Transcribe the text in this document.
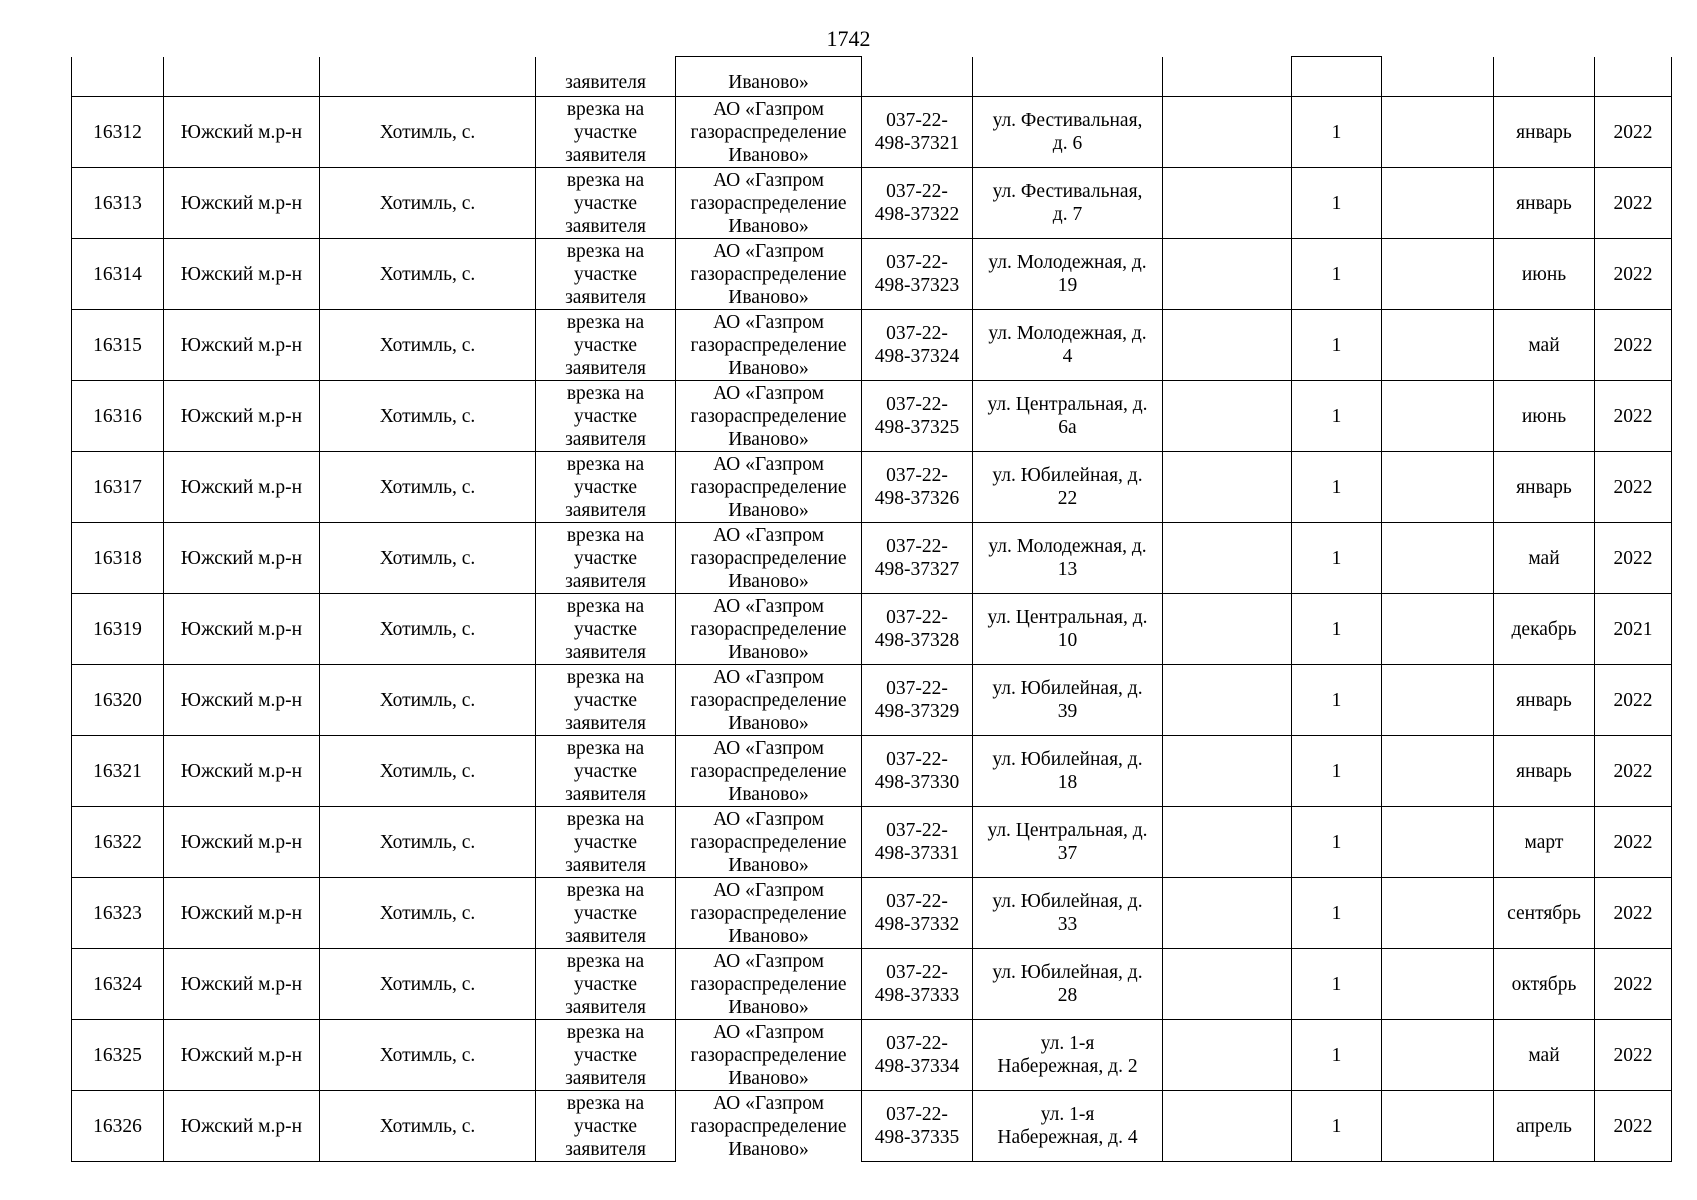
1742
			заявителя	Иваново»							
16312	Южский м.р-н	Хотимль, с.	врезка на
участке
заявителя	АО «Газпром
газораспределение
Иваново»	037-22-
498-37321	ул. Фестивальная,
д. 6		1		январь	2022
16313	Южский м.р-н	Хотимль, с.	врезка на
участке
заявителя	АО «Газпром
газораспределение
Иваново»	037-22-
498-37322	ул. Фестивальная,
д. 7		1		январь	2022
16314	Южский м.р-н	Хотимль, с.	врезка на
участке
заявителя	АО «Газпром
газораспределение
Иваново»	037-22-
498-37323	ул. Молодежная, д.
19		1		июнь	2022
16315	Южский м.р-н	Хотимль, с.	врезка на
участке
заявителя	АО «Газпром
газораспределение
Иваново»	037-22-
498-37324	ул. Молодежная, д.
4		1		май	2022
16316	Южский м.р-н	Хотимль, с.	врезка на
участке
заявителя	АО «Газпром
газораспределение
Иваново»	037-22-
498-37325	ул. Центральная, д.
6а		1		июнь	2022
16317	Южский м.р-н	Хотимль, с.	врезка на
участке
заявителя	АО «Газпром
газораспределение
Иваново»	037-22-
498-37326	ул. Юбилейная, д.
22		1		январь	2022
16318	Южский м.р-н	Хотимль, с.	врезка на
участке
заявителя	АО «Газпром
газораспределение
Иваново»	037-22-
498-37327	ул. Молодежная, д.
13		1		май	2022
16319	Южский м.р-н	Хотимль, с.	врезка на
участке
заявителя	АО «Газпром
газораспределение
Иваново»	037-22-
498-37328	ул. Центральная, д.
10		1		декабрь	2021
16320	Южский м.р-н	Хотимль, с.	врезка на
участке
заявителя	АО «Газпром
газораспределение
Иваново»	037-22-
498-37329	ул. Юбилейная, д.
39		1		январь	2022
16321	Южский м.р-н	Хотимль, с.	врезка на
участке
заявителя	АО «Газпром
газораспределение
Иваново»	037-22-
498-37330	ул. Юбилейная, д.
18		1		январь	2022
16322	Южский м.р-н	Хотимль, с.	врезка на
участке
заявителя	АО «Газпром
газораспределение
Иваново»	037-22-
498-37331	ул. Центральная, д.
37		1		март	2022
16323	Южский м.р-н	Хотимль, с.	врезка на
участке
заявителя	АО «Газпром
газораспределение
Иваново»	037-22-
498-37332	ул. Юбилейная, д.
33		1		сентябрь	2022
16324	Южский м.р-н	Хотимль, с.	врезка на
участке
заявителя	АО «Газпром
газораспределение
Иваново»	037-22-
498-37333	ул. Юбилейная, д.
28		1		октябрь	2022
16325	Южский м.р-н	Хотимль, с.	врезка на
участке
заявителя	АО «Газпром
газораспределение
Иваново»	037-22-
498-37334	ул. 1-я
Набережная, д. 2		1		май	2022
16326	Южский м.р-н	Хотимль, с.	врезка на
участке
заявителя	АО «Газпром
газораспределение
Иваново»	037-22-
498-37335	ул. 1-я
Набережная, д. 4		1		апрель	2022
